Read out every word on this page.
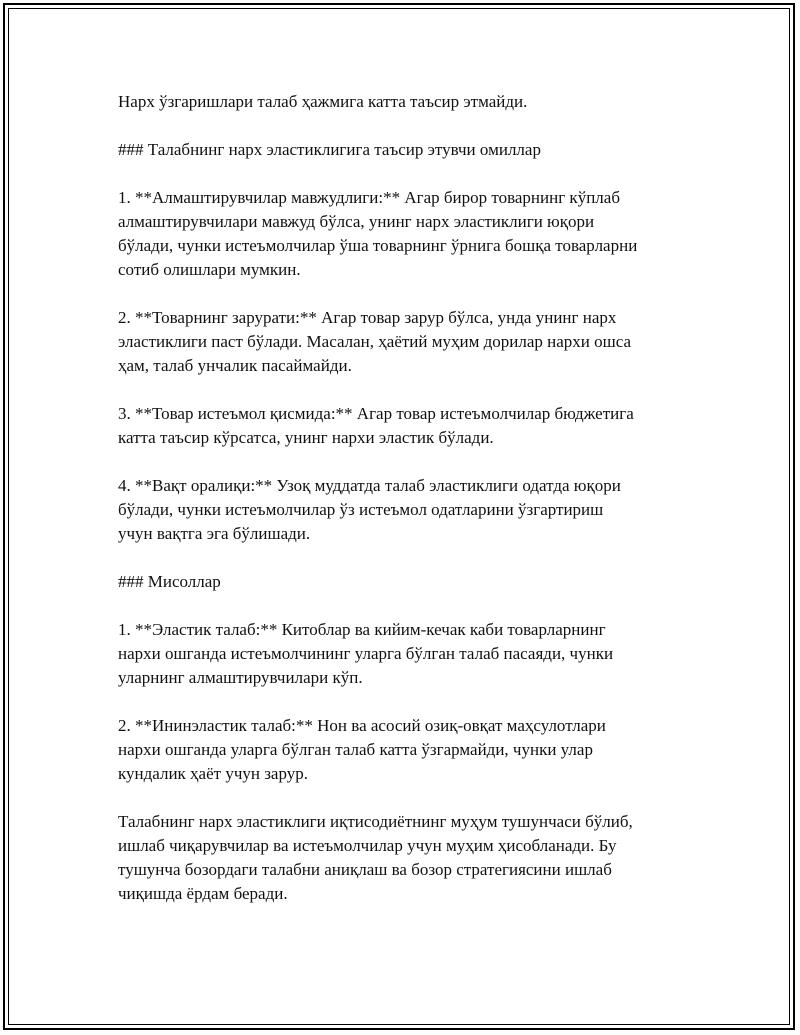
Нарх ўзгаришлари талаб ҳажмига катта таъсир этмайди.

### Талабнинг нарх эластиклигига таъсир этувчи омиллар

1. **Алмаштирувчилар мавжудлиги:** Агар бирор товарнинг кўплаб
алмаштирувчилари мавжуд бўлса, унинг нарх эластиклиги юқори
бўлади, чунки истеъмолчилар ўша товарнинг ўрнига бошқа товарларни
сотиб олишлари мумкин.

2. **Товарнинг зарурати:** Агар товар зарур бўлса, унда унинг нарх
эластиклиги паст бўлади. Масалан, ҳаётий муҳим дорилар нархи ошса
ҳам, талаб унчалик пасаймайди.

3. **Товар истеъмол қисмида:** Агар товар истеъмолчилар бюджетига
катта таъсир кўрсатса, унинг нархи эластик бўлади.

4. **Вақт оралиқи:** Узоқ муддатда талаб эластиклиги одатда юқори
бўлади, чунки истеъмолчилар ўз истеъмол одатларини ўзгартириш
учун вақтга эга бўлишади.

### Мисоллар

1. **Эластик талаб:** Китоблар ва кийим-кечак каби товарларнинг
нархи ошганда истеъмолчининг уларга бўлган талаб пасаяди, чунки
уларнинг алмаштирувчилари кўп.

2. **Ининэластик талаб:** Нон ва асосий озиқ-овқат маҳсулотлари
нархи ошганда уларга бўлган талаб катта ўзгармайди, чунки улар
кундалик ҳаёт учун зарур.

Талабнинг нарх эластиклиги иқтисодиётнинг муҳум тушунчаси бўлиб,
ишлаб чиқарувчилар ва истеъмолчилар учун муҳим ҳисобланади. Бу
тушунча бозордаги талабни аниқлаш ва бозор стратегиясини ишлаб
чиқишда ёрдам беради.
